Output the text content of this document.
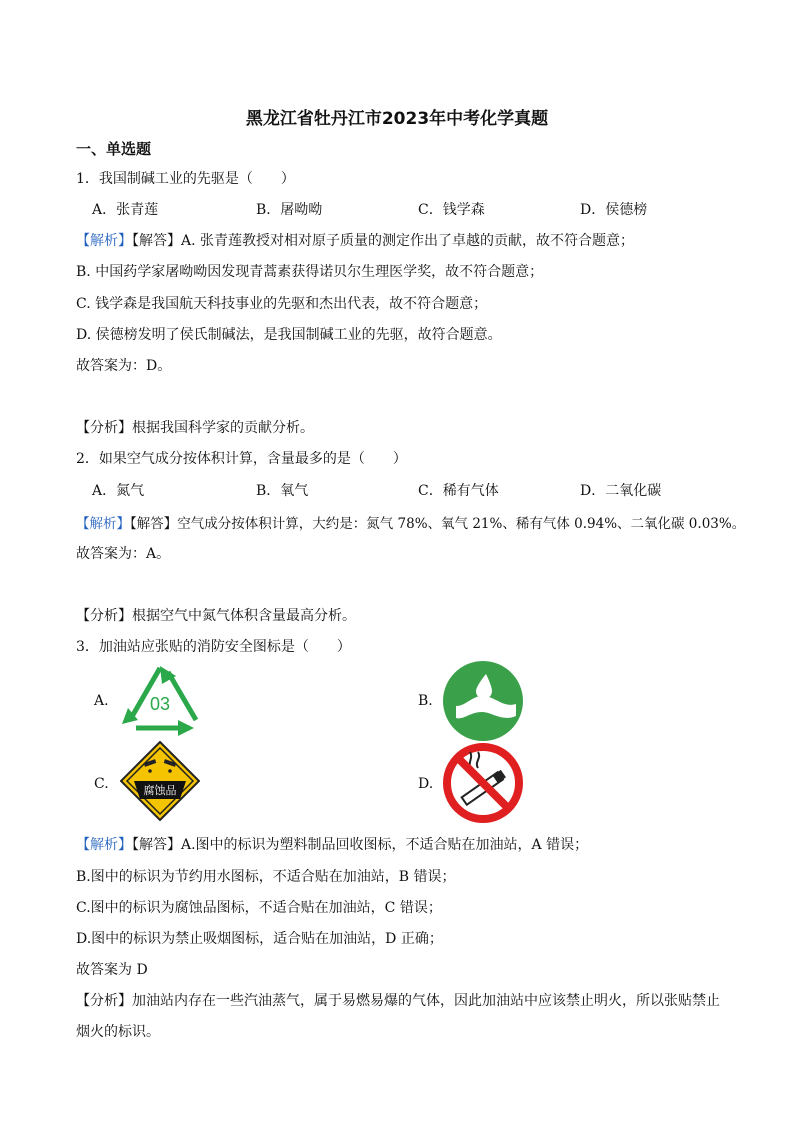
黑龙江省牡丹江市2023年中考化学真题
一、单选题
1．我国制碱工业的先驱是（　　）
A．张青莲	B．屠呦呦	C．钱学森	D．侯德榜
【解析】【解答】A. 张青莲教授对相对原子质量的测定作出了卓越的贡献，故不符合题意；
B. 中国药学家屠呦呦因发现青蒿素获得诺贝尔生理医学奖，故不符合题意；
C. 钱学森是我国航天科技事业的先驱和杰出代表，故不符合题意；
D. 侯德榜发明了侯氏制碱法，是我国制碱工业的先驱，故符合题意。
故答案为：D。
【分析】根据我国科学家的贡献分析。
2．如果空气成分按体积计算，含量最多的是（　　）
A．氮气	B．氧气	C．稀有气体	D．二氧化碳
【解析】【解答】空气成分按体积计算，大约是：氮气 78%、氧气 21%、稀有气体 0.94%、二氧化碳 0.03%。
故答案为：A。
【分析】根据空气中氮气体积含量最高分析。
3．加油站应张贴的消防安全图标是（　　）
A. 03	B.
C.	腐蚀品	D.
【解析】【解答】A.图中的标识为塑料制品回收图标，不适合贴在加油站，A 错误；
B.图中的标识为节约用水图标，不适合贴在加油站，B 错误；
C.图中的标识为腐蚀品图标，不适合贴在加油站，C 错误；
D.图中的标识为禁止吸烟图标，适合贴在加油站，D 正确；
故答案为 D
【分析】加油站内存在一些汽油蒸气，属于易燃易爆的气体，因此加油站中应该禁止明火，所以张贴禁止
烟火的标识。
